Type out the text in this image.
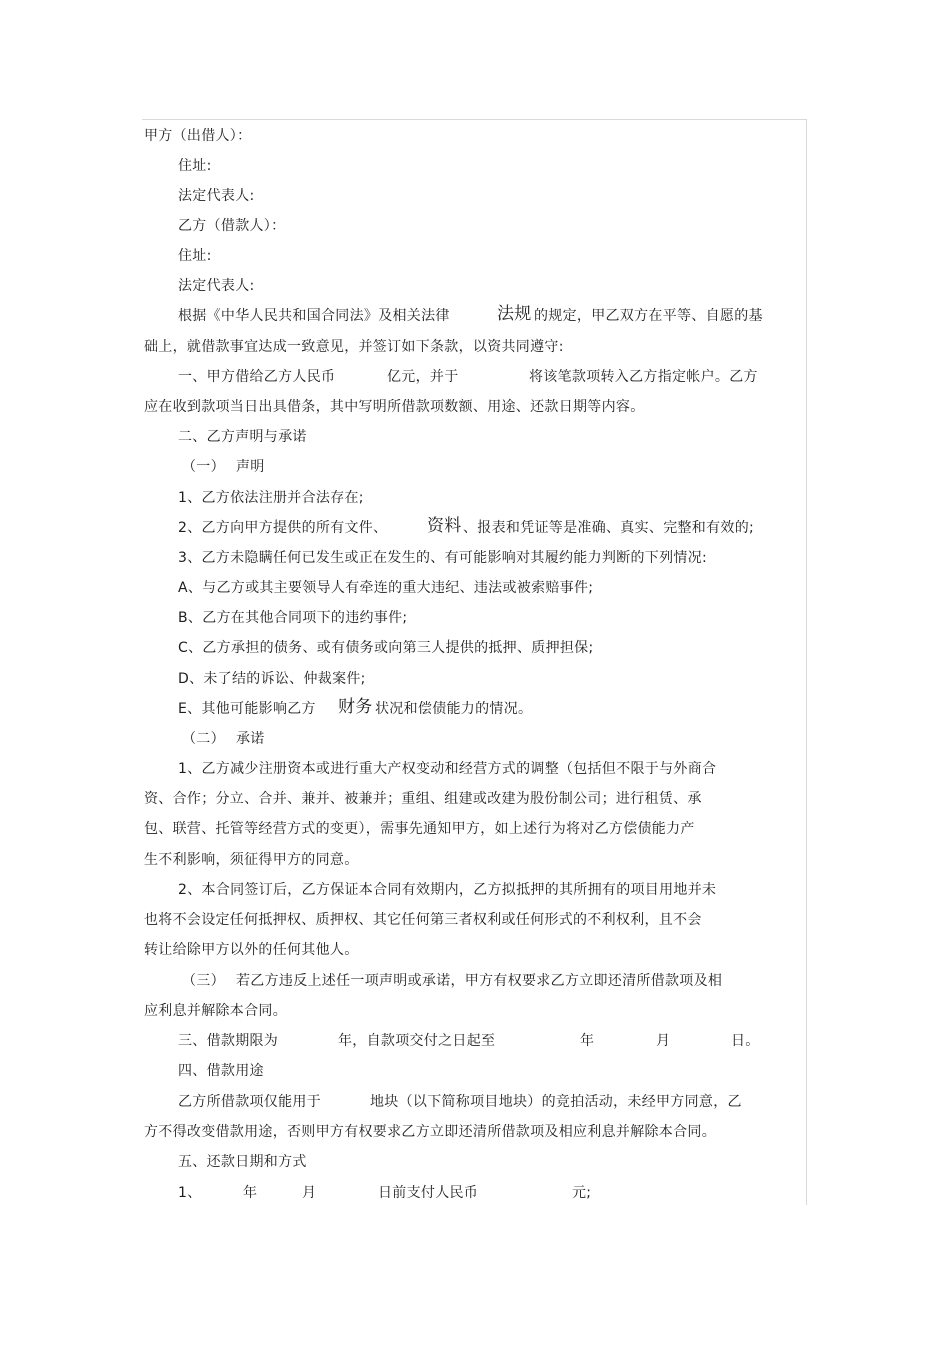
甲方（出借人）：
住址:
法定代表人:
乙方（借款人）：
住址:
法定代表人:
根据《中华人民共和国合同法》及相关法律	法规 的规定，甲乙双方在平等、自愿的基
础上，就借款事宜达成一致意见，并签订如下条款，以资共同遵守:
一、甲方借给乙方人民币	亿元，并于	将该笔款项转入乙方指定帐户。乙方
应在收到款项当日出具借条，其中写明所借款项数额、用途、还款日期等内容。
二、乙方声明与承诺
（一） 声明
1、乙方依法注册并合法存在;
2、乙方向甲方提供的所有文件、 资料 、报表和凭证等是准确、真实、完整和有效的;
3、乙方未隐瞒任何已发生或正在发生的、有可能影响对其履约能力判断的下列情况:
A、与乙方或其主要领导人有牵连的重大违纪、违法或被索赔事件;
B、乙方在其他合同项下的违约事件;
C、乙方承担的债务、或有债务或向第三人提供的抵押、质押担保;
D、未了结的诉讼、仲裁案件;
E、其他可能影响乙方 财务 状况和偿债能力的情况。
（二） 承诺
1、乙方减少注册资本或进行重大产权变动和经营方式的调整（包括但不限于与外商合
资、合作；分立、合并、兼并、被兼并；重组、组建或改建为股份制公司；进行租赁、承
包、联营、托管等经营方式的变更），需事先通知甲方，如上述行为将对乙方偿债能力产
生不利影响，须征得甲方的同意。
2、本合同签订后，乙方保证本合同有效期内，乙方拟抵押的其所拥有的项目用地并未
也将不会设定任何抵押权、质押权、其它任何第三者权利或任何形式的不利权利，且不会
转让给除甲方以外的任何其他人。
（三） 若乙方违反上述任一项声明或承诺，甲方有权要求乙方立即还清所借款项及相
应利息并解除本合同。
三、借款期限为	年，自款项交付之日起至	年	月	日。
四、借款用途
乙方所借款项仅能用于	地块（以下简称项目地块）的竞拍活动，未经甲方同意，乙
方不得改变借款用途，否则甲方有权要求乙方立即还清所借款项及相应利息并解除本合同。
五、还款日期和方式
1、	年	月	日前支付人民币	元;
